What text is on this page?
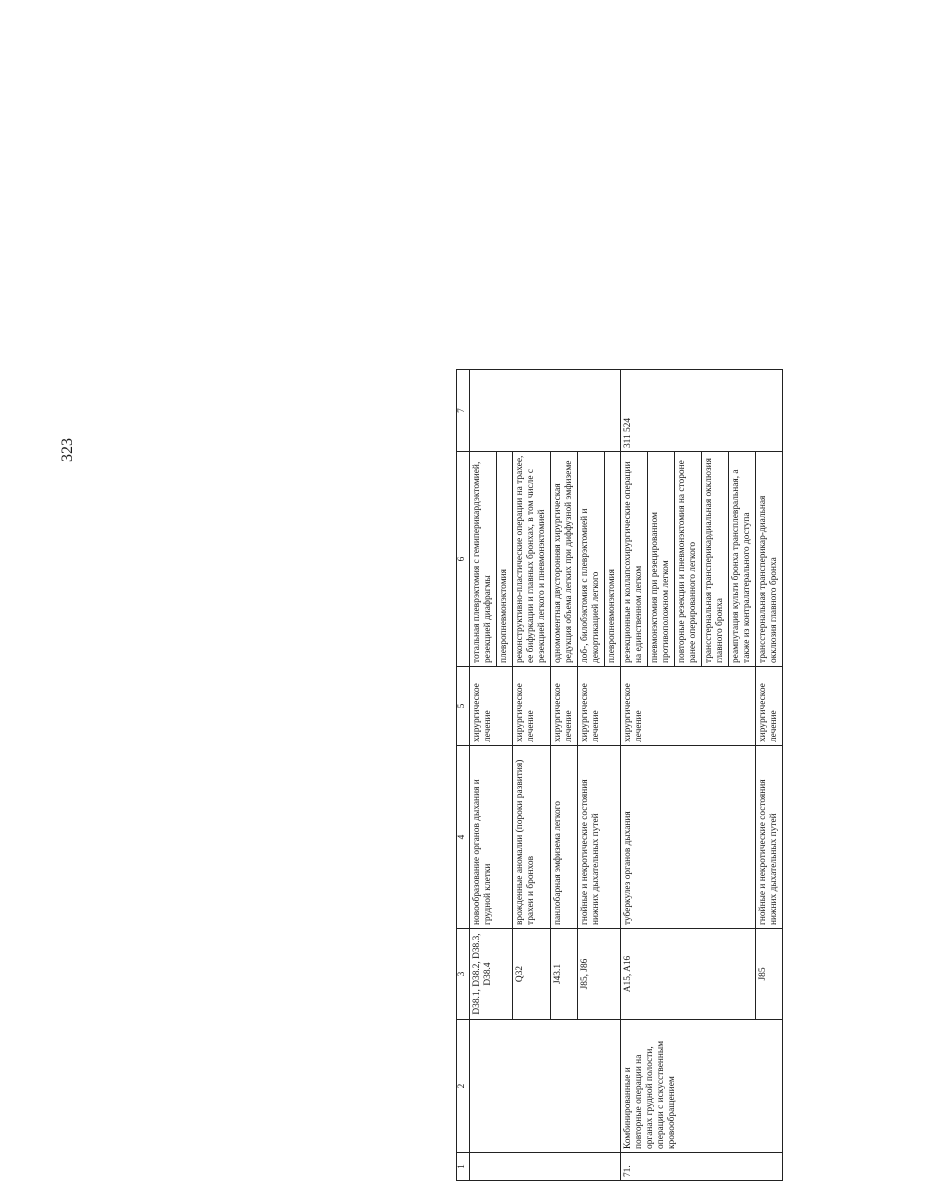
323
1	2	3	4	5	6	7
		D38.1, D38.2, D38.3, D38.4	новообразование органов дыхания и грудной клетки	хирургическое лечение	тотальная плеврэктомия с гемиперикардэктомией, резекцией диафрагмы	
					плевропневмонэктомия	
		Q32	врожденные аномалии (пороки развития) трахеи и бронхов	хирургическое лечение	реконструктивно-пластические операции на трахее, ее бифуркации и главных бронхах, в том числе с резекцией легкого и пневмонэктомией	
		J43.1	панлобарная эмфизема легкого	хирургическое лечение	одномоментная двусторонняя хирургическая редукция объема легких при диффузной эмфиземе	
		J85, J86	гнойные и некротические состояния нижних дыхательных путей	хирургическое лечение	лоб-, билобэктомия с плеврэктомией и декортикацией легкого	
					плевропневмонэктомия	
71.	Комбинированные и повторные операции на органах грудной полости, операции с искусственным кровообращением	A15, A16	туберкулез органов дыхания	хирургическое лечение	резекционные и коллапсохирургические операции на единственном легком	311 524
					пневмонэктомия при резецированном противоположном легком	
					повторные резекции и пневмонэктомия на стороне ранее оперированного легкого	
					трансстернальная трансперикардиальная окклюзия главного бронха	
					реампутация культи бронха трансплевральная, а также из контралатерального доступа	
		J85	гнойные и некротические состояния нижних дыхательных путей	хирургическое лечение	трансстернальная трансперикар-диальная окклюзия главного бронха	
